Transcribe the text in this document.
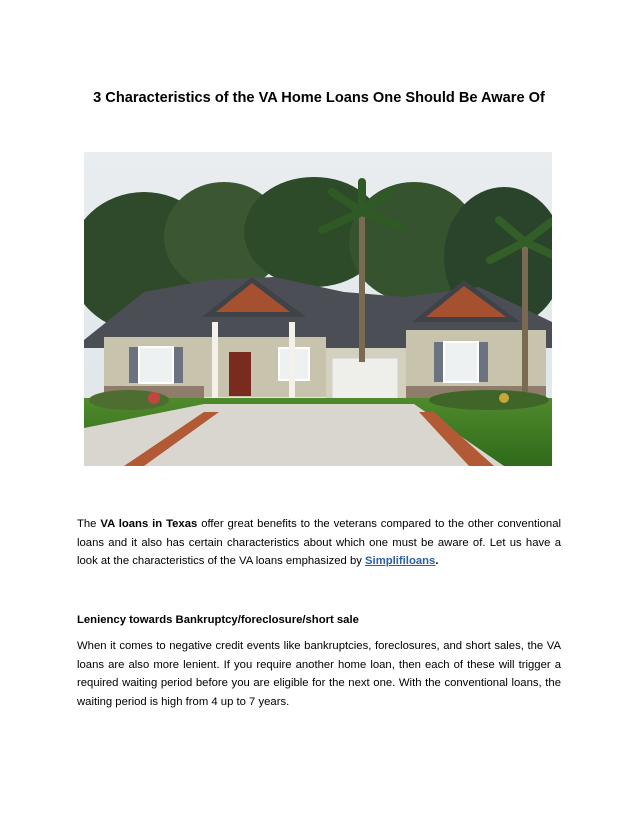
3 Characteristics of the VA Home Loans One Should Be Aware Of

The VA loans in Texas offer great benefits to the veterans compared to the other conventional loans and it also has certain characteristics about which one must be aware of. Let us have a look at the characteristics of the VA loans emphasized by Simplifiloans.

Leniency towards Bankruptcy/foreclosure/short sale

When it comes to negative credit events like bankruptcies, foreclosures, and short sales, the VA loans are also more lenient. If you require another home loan, then each of these will trigger a required waiting period before you are eligible for the next one. With the conventional loans, the waiting period is high from 4 up to 7 years.
